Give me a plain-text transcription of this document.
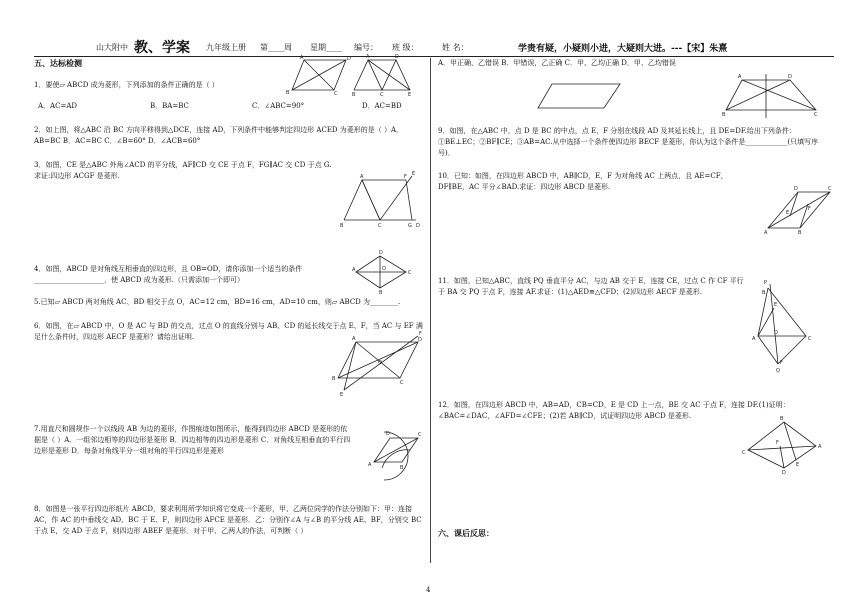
山大附中 教、学案 九年级上册 第____周 星期____ 编号： 班 级：	姓 名：	学贵有疑，小疑则小进，大疑则大进。---【宋】朱熹
五、达标检测
1．要使▱ ABCD 成为菱形，下列添加的条件正确的是（ ）
A．AC=AD	B．BA=BC	C．∠ABC=90°	D．AC=BD
A	D
B	C
A	D
B	C	E
2．如上图，将△ABC 沿 BC 方向平移得到△DCE，连接 AD，下列条件中能够判定四边形 ACED 为菱形的是（ ）A．AB=BC B．AC=BC C．∠B=60° D．∠ACB=60°
3．如图，CE 是△ABC 外角∠ACD 的平分线，AF∥CD 交 CE 于点 F，FG∥AC 交 CD 于点 G.求证:四边形 ACGF 是菱形.	A	F E
B	C	G D
4．如图，ABCD 是对角线互相垂直的四边形，且 OB=OD，请你添加一个适当的条件____________________，使 ABCD 成为菱形.（只需添加一个即可）
A
D
C
B
O
5.已知▱ ABCD 两对角线 AC、BD 相交于点 O，AC=12 cm，BD=16 cm，AD=10 cm，则▱ ABCD 为________.
6．如图，在▱ ABCD 中，O 是 AC 与 BD 的交点，过点 O 的直线分别与 AB、CD 的延长线交于点 E、F，当 AC 与 EF 满足什么条件时，四边形 AECF 是菱形？请给出证明.	A	D
F
B
C
E
O
7.用直尺和圆规作一个以线段 AB 为边的菱形，作图痕迹如图所示，能得到四边形 ABCD 是菱形的依据是（ ）A．一组邻边相等的四边形是菱形 B．四边相等的四边形是菱形 C．对角线互相垂直的平行四边形是菱形 D．每条对角线平分一组对角的平行四边形是菱形
A	B
C
D
8．如图是一张平行四边形纸片 ABCD，要求利用所学知识将它变成一个菱形，甲、乙两位同学的作法分别如下：甲：连接 AC，作 AC 的中垂线交 AD、BC 于 E、F，则四边形 AFCE 是菱形．乙：分别作∠A 与∠B 的平分线 AE、BF，分别交 BC 于点 E，交 AD 于点 F，则四边形 ABEF 是菱形．对于甲、乙两人的作法，可判断（ ）
A．甲正确，乙错误 B．甲错误，乙正确 C．甲、乙均正确 D．甲、乙均错误
A	D
B	C
9．如图，在△ABC 中，点 D 是 BC 的中点，点 E，F 分别在线段 AD 及其延长线上，且 DE=DF.给出下列条件：①BE⊥EC；②BF∥CE；③AB=AC.从中选择一个条件使四边形 BECF 是菱形，你认为这个条件是____________(只填写序号)．
10．已知：如图，在四边形 ABCD 中，AB∥CD，E，F 为对角线 AC 上两点，且 AE=CF，DF∥BE，AC 平分∠BAD.求证：四边形 ABCD 是菱形.	D	C
A	B
E
F
11．如图，已知△ABC，直线 PQ 垂直平分 AC，与边 AB 交于 E，连接 CE，过点 C 作 CF 平行于 BA 交 PQ 于点 F，连接 AF.求证：(1)△AED≌△CFD；(2)四边形 AECF 是菱形.
P
E
A	C
D
F
Q
B
12．如图，在四边形 ABCD 中，AB=AD，CB=CD，E 是 CD 上一点，BE 交 AC 于点 F，连接 DF.(1)证明：∠BAC=∠DAC，∠AFD=∠CFE；(2)若 AB∥CD，试证明四边形 ABCD 是菱形.	B
C
A
D
E
F
六、课后反思：
4
